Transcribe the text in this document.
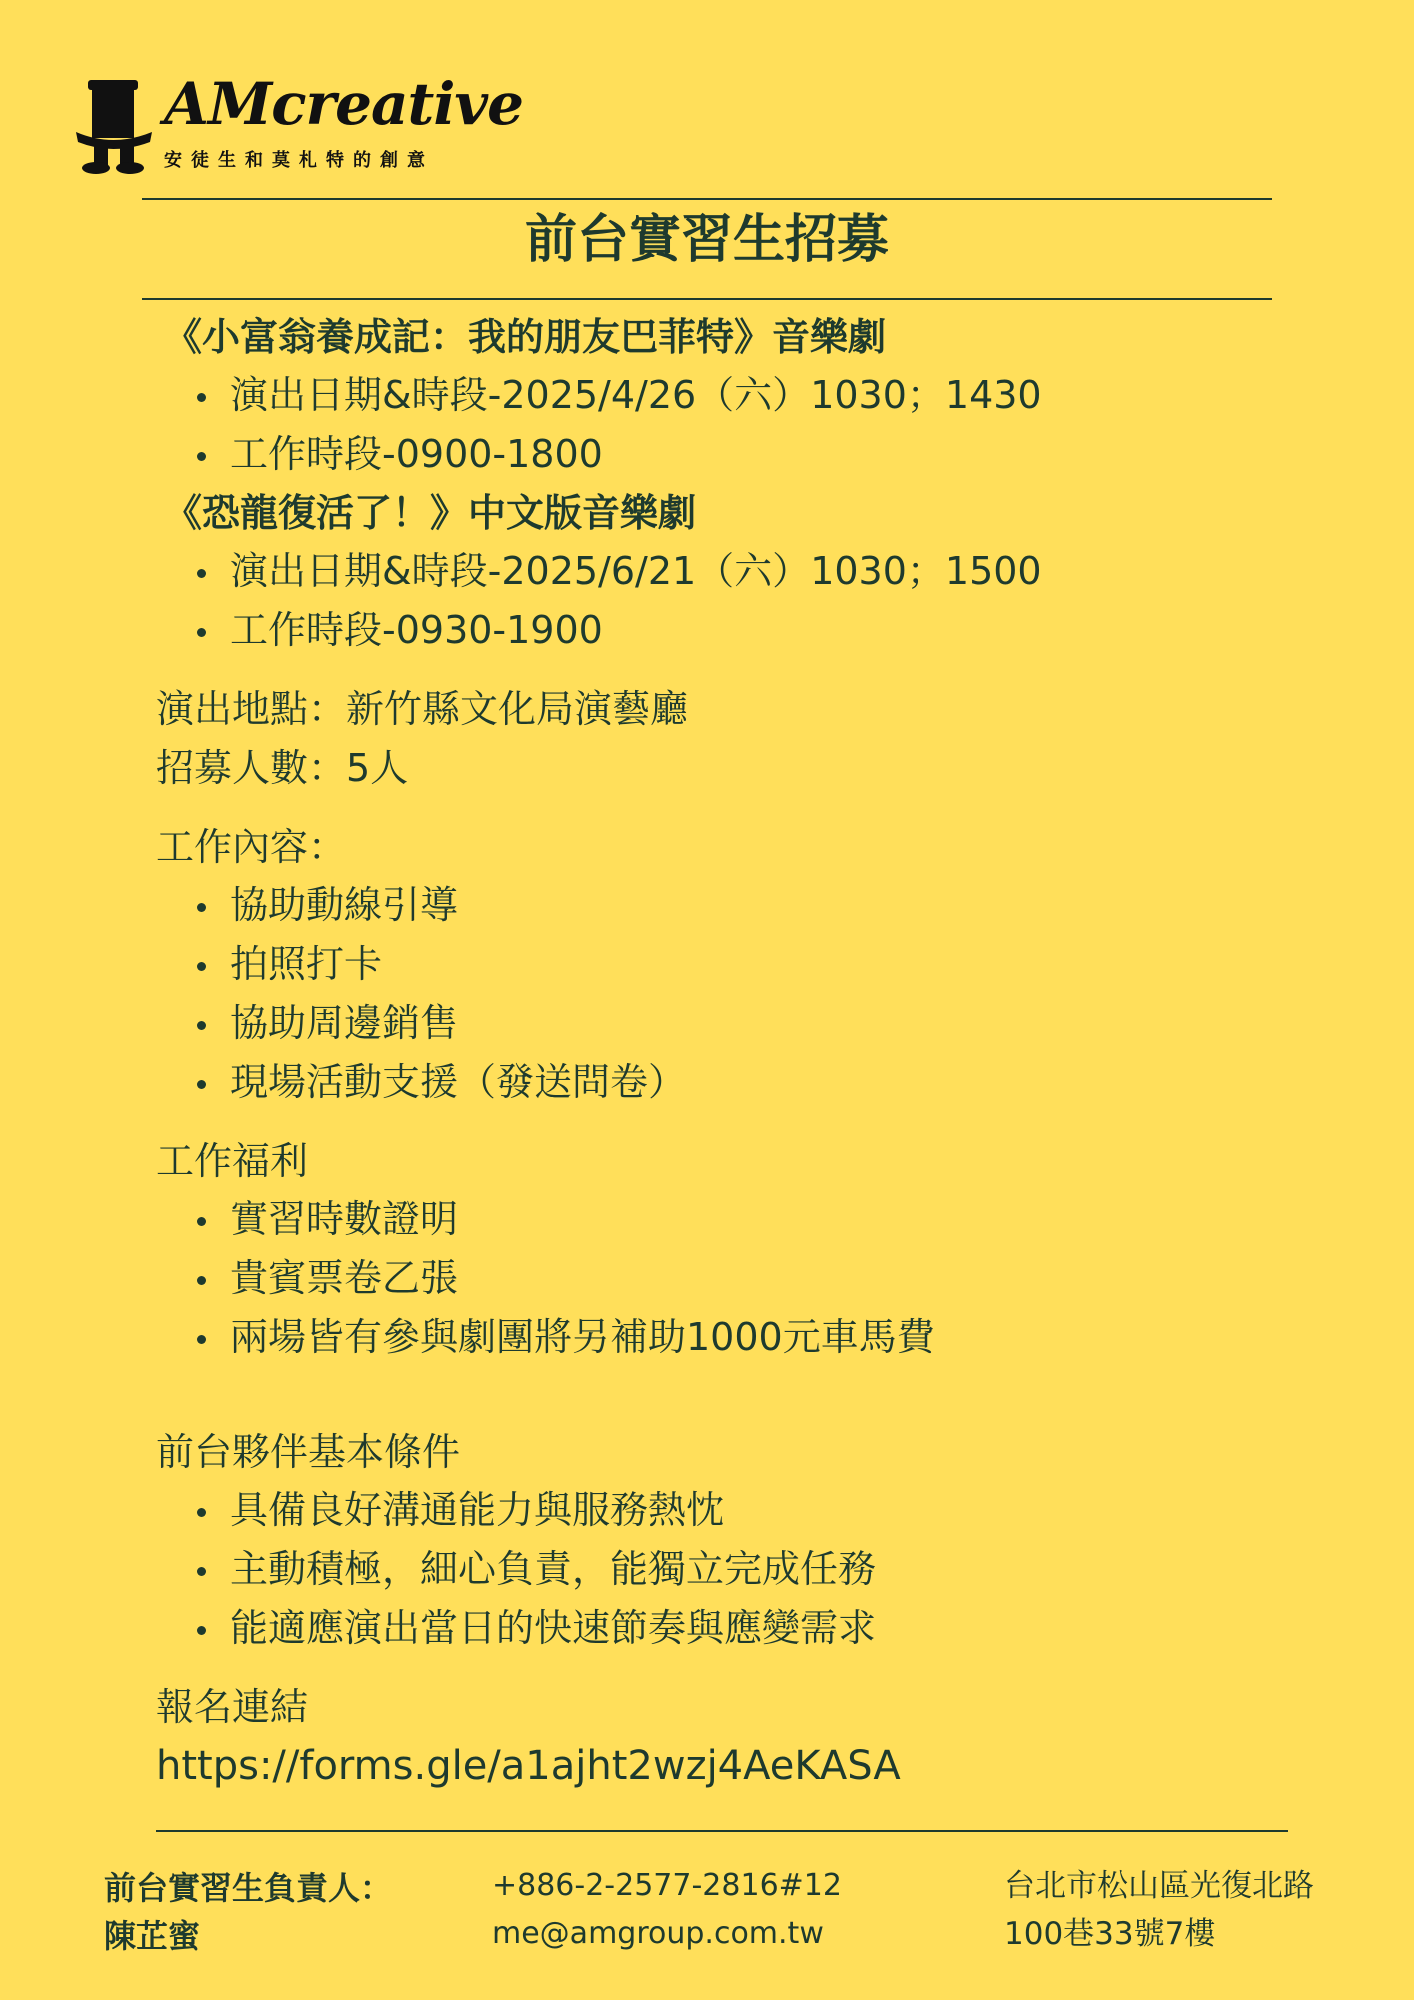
AMcreative
安徒生和莫札特的創意
前台實習生招募
《小富翁養成記：我的朋友巴菲特》音樂劇
演出日期&時段-2025/4/26（六）1030；1430
工作時段-0900-1800
《恐龍復活了！》中文版音樂劇
演出日期&時段-2025/6/21（六）1030；1500
工作時段-0930-1900
演出地點：新竹縣文化局演藝廳
招募人數：5人
工作內容：
協助動線引導
拍照打卡
協助周邊銷售
現場活動支援（發送問卷）
工作福利
實習時數證明
貴賓票卷乙張
兩場皆有參與劇團將另補助1000元車馬費
前台夥伴基本條件
具備良好溝通能力與服務熱忱
主動積極，細心負責，能獨立完成任務
能適應演出當日的快速節奏與應變需求
報名連結
https://forms.gle/a1ajht2wzj4AeKASA
前台實習生負責人：
陳芷蜜
+886-2-2577-2816#12
me@amgroup.com.tw
台北市松山區光復北路
100巷33號7樓
